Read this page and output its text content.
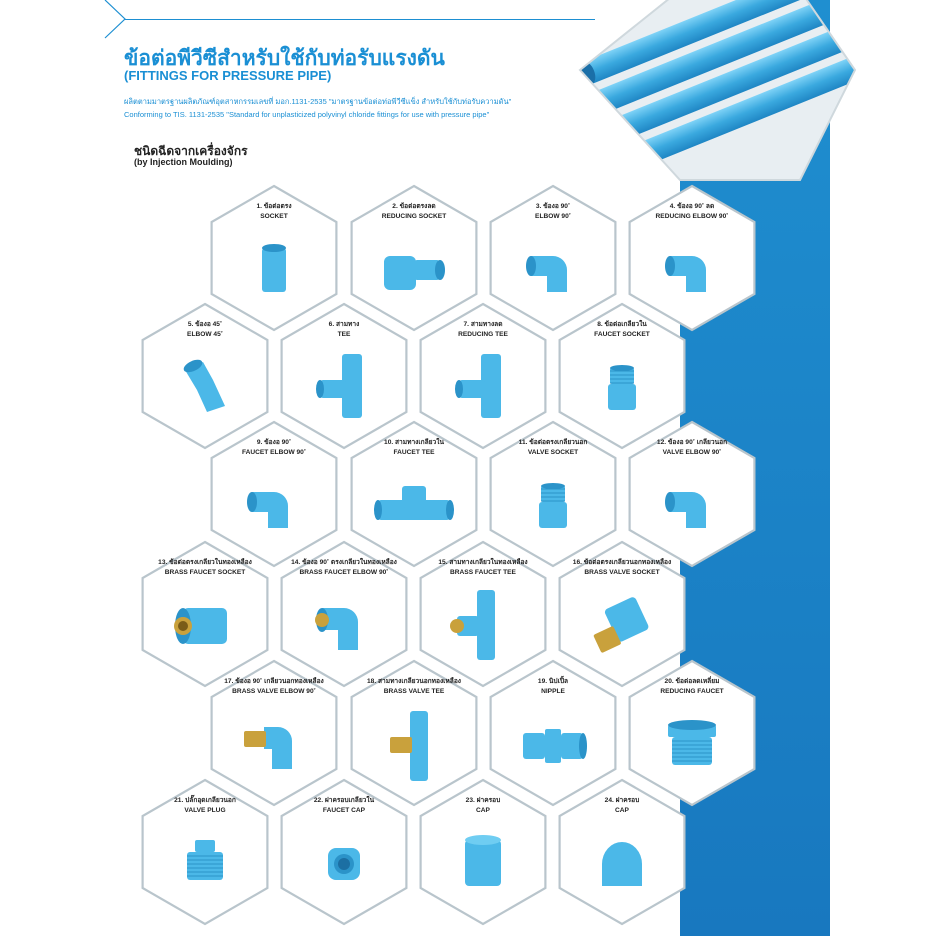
ข้อต่อพีวีซีสำหรับใช้กับท่อรับแรงดัน
(FITTINGS FOR PRESSURE PIPE)
ผลิตตามมาตรฐานผลิตภัณฑ์อุตสาหกรรมเลขที่ มอก.1131-2535 "มาตรฐานข้อต่อท่อพีวีซีแข็ง สำหรับใช้กับท่อรับความดัน"
Conforming to TIS. 1131-2535 "Standard for unplasticized polyvinyl chloride fittings for use with pressure pipe"
ชนิดฉีดจากเครื่องจักร
(by Injection Moulding)
1. ข้อต่อตรง
SOCKET
2. ข้อต่อตรงลด
REDUCING SOCKET
3. ข้องอ 90˚
ELBOW 90˚
4. ข้องอ 90˚ ลด
REDUCING ELBOW 90˚
5. ข้องอ 45˚
ELBOW 45˚
6. สามทาง
TEE
7. สามทางลด
REDUCING TEE
8. ข้อต่อเกลียวใน
FAUCET SOCKET
9. ข้องอ 90˚
FAUCET ELBOW 90˚
10. สามทางเกลียวใน
FAUCET TEE
11. ข้อต่อตรงเกลียวนอก
VALVE SOCKET
12. ข้องอ 90˚ เกลียวนอก
VALVE ELBOW 90˚
13. ข้อต่อตรงเกลียวในทองเหลือง
BRASS FAUCET SOCKET
14. ข้องอ 90˚ ตรงเกลียวในทองเหลือง
BRASS FAUCET ELBOW 90˚
15. สามทางเกลียวในทองเหลือง
BRASS FAUCET TEE
16. ข้อต่อตรงเกลียวนอกทองเหลือง
BRASS VALVE SOCKET
17. ข้องอ 90˚ เกลียวนอกทองเหลือง
BRASS VALVE ELBOW 90˚
18. สามทางเกลียวนอกทองเหลือง
BRASS VALVE TEE
19. นิปเปิ้ล
NIPPLE
20. ข้อต่อลดเหลี่ยม
REDUCING FAUCET
21. ปลั๊กอุดเกลียวนอก
VALVE PLUG
22. ฝาครอบเกลียวใน
FAUCET CAP
23. ฝาครอบ
CAP
24. ฝาครอบ
CAP
